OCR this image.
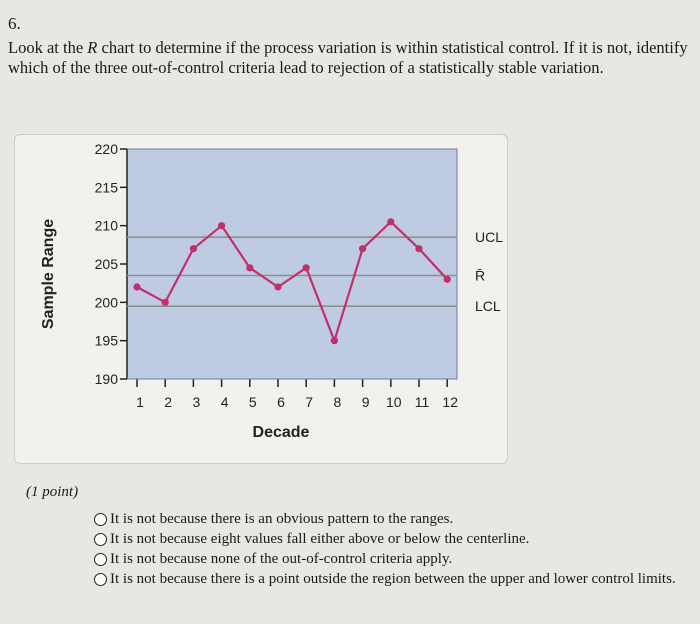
6.
Look at the R chart to determine if the process variation is within statistical control. If it is not, identify which of the three out-of-control criteria lead to rejection of a statistically stable variation.
190
195
200
205
210
215
220
Sample Range	UCL
R̄
LCL
1 2 3 4 5 6 7 8 9 10 11 12
Decade
(1 point)
It is not because there is an obvious pattern to the ranges.
It is not because eight values fall either above or below the centerline.
It is not because none of the out-of-control criteria apply.
It is not because there is a point outside the region between the upper and lower control limits.
